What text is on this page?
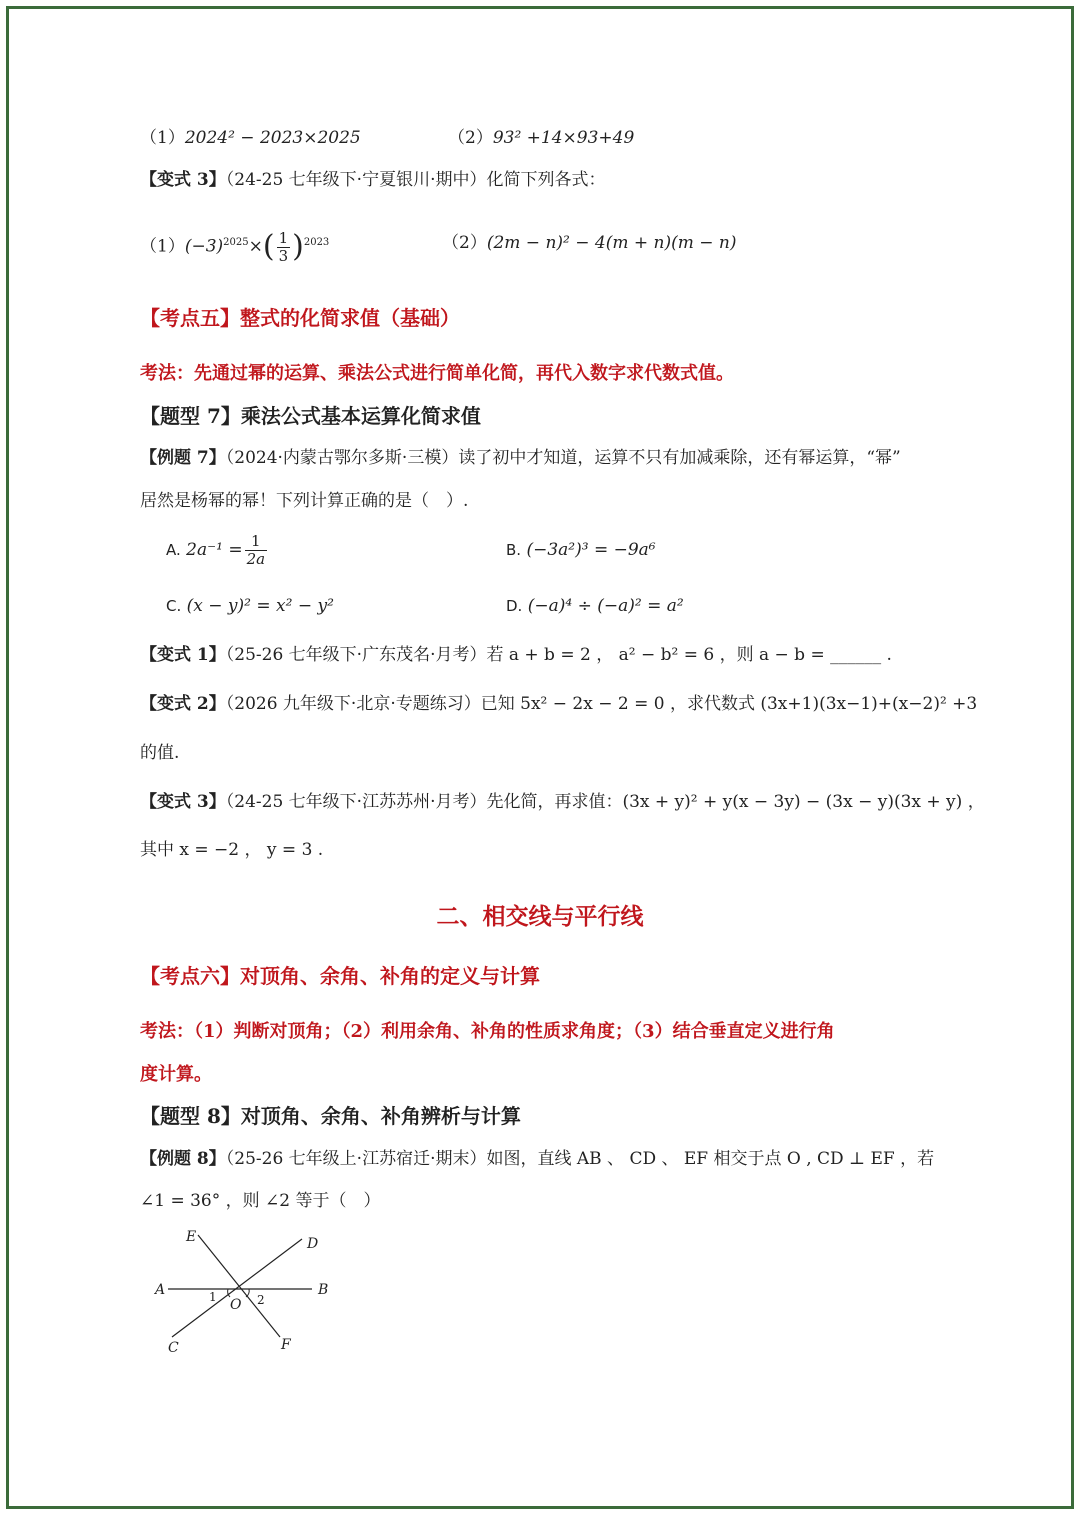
（1）2024² − 2023×2025	（2）93² +14×93+49
【变式 3】（24-25 七年级下·宁夏银川·期中）化简下列各式：
$(1)(-3)^{2025}\times( \frac{1}{3} )^{2023}$	（2）(2m − n)² − 4(m + n)(m − n)
【考点五】整式的化简求值（基础）
考法：先通过幂的运算、乘法公式进行简单化简，再代入数字求代数式值。
【题型 7】乘法公式基本运算化简求值
【例题 7】（2024·内蒙古鄂尔多斯·三模）读了初中才知道，运算不只有加减乘除，还有幂运算，“幂”
居然是杨幂的幂！下列计算正确的是（　）.
A. $2a^{-1} = \frac{1}{2a}$	B. (−3a²)³ = −9a⁶
C. (x − y)² = x² − y²	D. (−a)⁴ ÷ (−a)² = a²
【变式 1】（25-26 七年级下·广东茂名·月考）若 a + b = 2 ， a² − b² = 6 ，则 a − b = ______ .
【变式 2】（2026 九年级下·北京·专题练习）已知 5x² − 2x − 2 = 0 ，求代数式 (3x+1)(3x−1)+(x−2)² +3
的值.
【变式 3】（24-25 七年级下·江苏苏州·月考）先化简，再求值：(3x + y)² + y(x − 3y) − (3x − y)(3x + y) ，
其中 x = −2 ， y = 3 .
二、相交线与平行线
【考点六】对顶角、余角、补角的定义与计算
考法：（1）判断对顶角；（2）利用余角、补角的性质求角度；（3）结合垂直定义进行角
度计算。
【题型 8】对顶角、余角、补角辨析与计算
【例题 8】（25-26 七年级上·江苏宿迁·期末）如图，直线 AB 、 CD 、 EF 相交于点 O , CD ⊥ EF ，若
∠1 = 36° ，则 ∠2 等于（　）
A	B
C
D
E
F
O
1	2
